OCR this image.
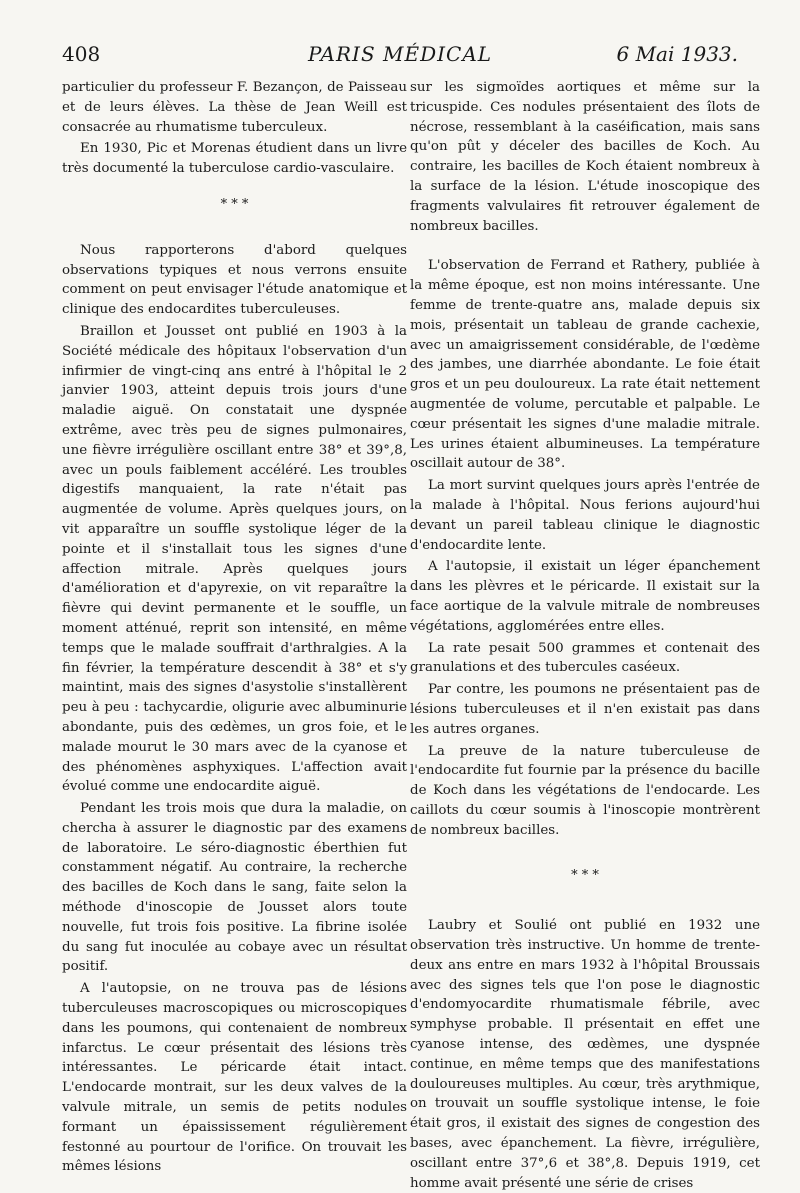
408	PARIS MÉDICAL	6 Mai 1933.

particulier du professeur F. Bezançon, de Paisseau et de leurs élèves. La thèse de Jean Weill est consacrée au rhumatisme tuberculeux.

En 1930, Pic et Morenas étudient dans un livre très documenté la tuberculose cardio-vasculaire.

* * *

Nous rapporterons d'abord quelques observations typiques et nous verrons ensuite comment on peut envisager l'étude anatomique et clinique des endocardites tuberculeuses.

Braillon et Jousset ont publié en 1903 à la Société médicale des hôpitaux l'observation d'un infirmier de vingt-cinq ans entré à l'hôpital le 2 janvier 1903, atteint depuis trois jours d'une maladie aiguë. On constatait une dyspnée extrême, avec très peu de signes pulmonaires, une fièvre irrégulière oscillant entre 38° et 39°,8, avec un pouls faiblement accéléré. Les troubles digestifs manquaient, la rate n'était pas augmentée de volume. Après quelques jours, on vit apparaître un souffle systolique léger de la pointe et il s'installait tous les signes d'une affection mitrale. Après quelques jours d'amélioration et d'apyrexie, on vit reparaître la fièvre qui devint permanente et le souffle, un moment atténué, reprit son intensité, en même temps que le malade souffrait d'arthralgies. A la fin février, la température descendit à 38° et s'y maintint, mais des signes d'asystolie s'installèrent peu à peu : tachycardie, oligurie avec albuminurie abondante, puis des œdèmes, un gros foie, et le malade mourut le 30 mars avec de la cyanose et des phénomènes asphyxiques. L'affection avait évolué comme une endocardite aiguë.

Pendant les trois mois que dura la maladie, on chercha à assurer le diagnostic par des examens de laboratoire. Le séro-diagnostic éberthien fut constamment négatif. Au contraire, la recherche des bacilles de Koch dans le sang, faite selon la méthode d'inoscopie de Jousset alors toute nouvelle, fut trois fois positive. La fibrine isolée du sang fut inoculée au cobaye avec un résultat positif.

A l'autopsie, on ne trouva pas de lésions tuberculeuses macroscopiques ou microscopiques dans les poumons, qui contenaient de nombreux infarctus. Le cœur présentait des lésions très intéressantes. Le péricarde était intact. L'endocarde montrait, sur les deux valves de la valvule mitrale, un semis de petits nodules formant un épaississement régulièrement festonné au pourtour de l'orifice. On trouvait les mêmes lésions

sur les sigmoïdes aortiques et même sur la tricuspide. Ces nodules présentaient des îlots de nécrose, ressemblant à la caséification, mais sans qu'on pût y déceler des bacilles de Koch. Au contraire, les bacilles de Koch étaient nombreux à la surface de la lésion. L'étude inoscopique des fragments valvulaires fit retrouver également de nombreux bacilles.

L'observation de Ferrand et Rathery, publiée à la même époque, est non moins intéressante. Une femme de trente-quatre ans, malade depuis six mois, présentait un tableau de grande cachexie, avec un amaigrissement considérable, de l'œdème des jambes, une diarrhée abondante. Le foie était gros et un peu douloureux. La rate était nettement augmentée de volume, percutable et palpable. Le cœur présentait les signes d'une maladie mitrale. Les urines étaient albumineuses. La température oscillait autour de 38°.

La mort survint quelques jours après l'entrée de la malade à l'hôpital. Nous ferions aujourd'hui devant un pareil tableau clinique le diagnostic d'endocardite lente.

A l'autopsie, il existait un léger épanchement dans les plèvres et le péricarde. Il existait sur la face aortique de la valvule mitrale de nombreuses végétations, agglomérées entre elles.

La rate pesait 500 grammes et contenait des granulations et des tubercules caséeux.

Par contre, les poumons ne présentaient pas de lésions tuberculeuses et il n'en existait pas dans les autres organes.

La preuve de la nature tuberculeuse de l'endocardite fut fournie par la présence du bacille de Koch dans les végétations de l'endocarde. Les caillots du cœur soumis à l'inoscopie montrèrent de nombreux bacilles.

* * *

Laubry et Soulié ont publié en 1932 une observation très instructive. Un homme de trente-deux ans entre en mars 1932 à l'hôpital Broussais avec des signes tels que l'on pose le diagnostic d'endomyocardite rhumatismale fébrile, avec symphyse probable. Il présentait en effet une cyanose intense, des œdèmes, une dyspnée continue, en même temps que des manifestations douloureuses multiples. Au cœur, très arythmique, on trouvait un souffle systolique intense, le foie était gros, il existait des signes de congestion des bases, avec épanchement. La fièvre, irrégulière, oscillant entre 37°,6 et 38°,8. Depuis 1919, cet homme avait présenté une série de crises
